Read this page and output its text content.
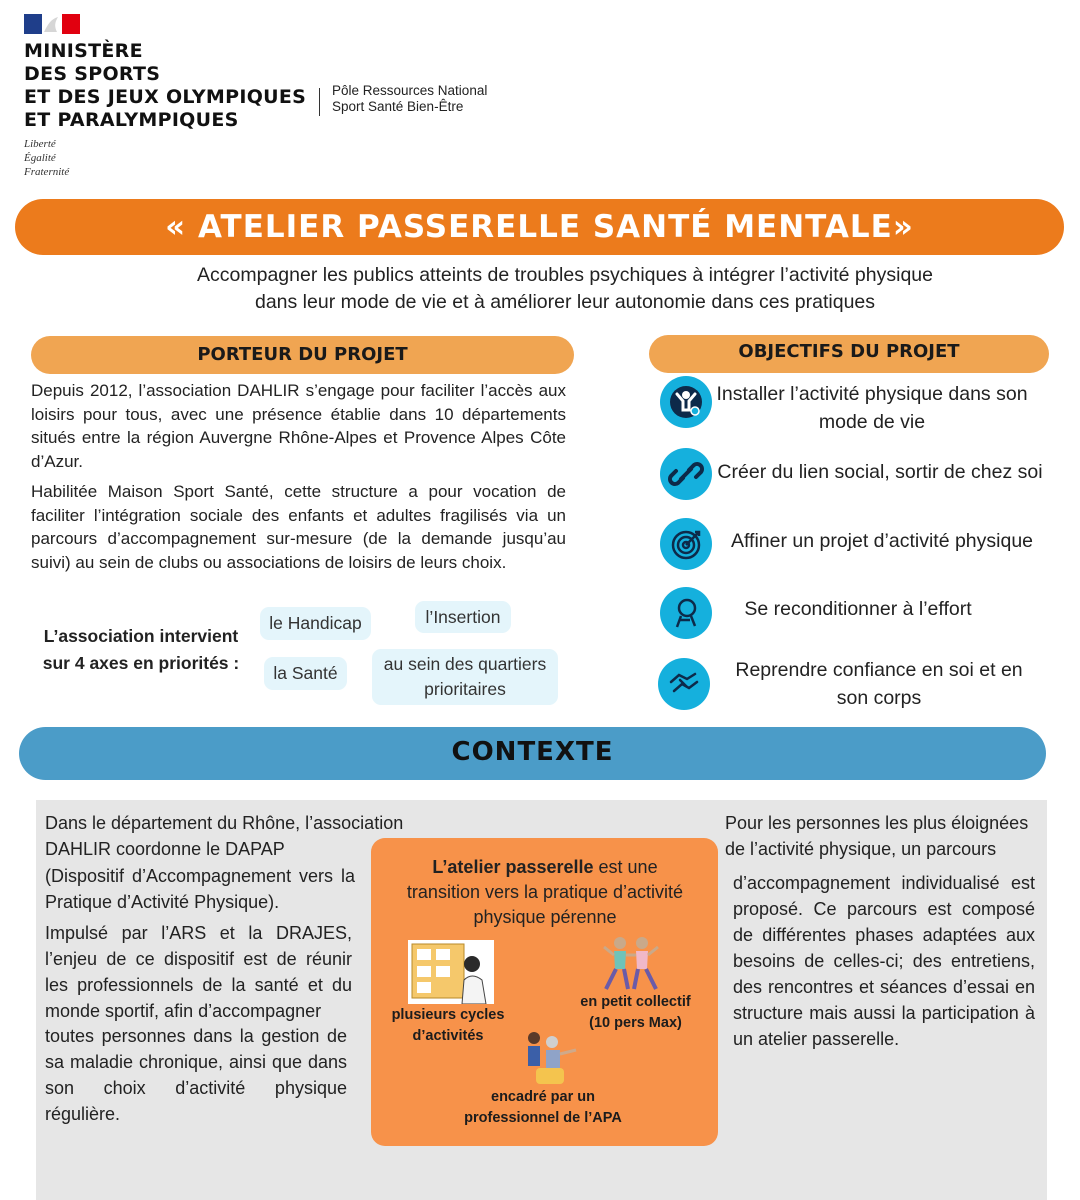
MINISTÈRE
DES SPORTS
ET DES JEUX OLYMPIQUES
ET PARALYMPIQUES
Pôle Ressources National
Sport Santé Bien-Être
Liberté
Égalité
Fraternité
« ATELIER PASSERELLE SANTÉ MENTALE»
Accompagner les publics atteints de troubles psychiques à intégrer l’activité physique
dans leur mode de vie et à améliorer leur autonomie dans ces pratiques
PORTEUR DU PROJET
Depuis 2012, l’association DAHLIR s’engage pour faciliter l’accès aux loisirs pour tous, avec une présence établie dans 10 départements situés entre la région Auvergne Rhône-Alpes et Provence Alpes Côte d’Azur.
Habilitée Maison Sport Santé, cette structure a pour vocation de faciliter l’intégration sociale des enfants et adultes fragilisés via un parcours d’accompagnement sur-mesure (de la demande jusqu’au suivi) au sein de clubs ou associations de loisirs de leurs choix.
L’association intervient
sur 4 axes en priorités :
le Handicap	l’Insertion
la Santé	au sein des quartiers prioritaires
OBJECTIFS DU PROJET
Installer l’activité physique dans son
mode de vie
Créer du lien social, sortir de chez soi
Affiner un projet d’activité physique
Se reconditionner à l’effort
Reprendre confiance en soi et en
son corps
CONTEXTE
Dans le département du Rhône, l’association
DAHLIR coordonne le DAPAP
(Dispositif d’Accompagnement vers la Pratique d’Activité Physique).
Impulsé par l’ARS et la DRAJES, l’enjeu de ce dispositif est de réunir les professionnels de la santé et du monde sportif, afin d’accompagner
toutes personnes dans la gestion de sa maladie chronique, ainsi que dans son choix d’activité physique régulière.
Pour les personnes les plus éloignées
de l’activité physique, un parcours
d’accompagnement individualisé est proposé. Ce parcours est composé de différentes phases adaptées aux besoins de celles-ci; des entretiens, des rencontres et séances d’essai en structure mais aussi la participation à un atelier passerelle.
L’atelier passerelle est une
transition vers la pratique d’activité
physique pérenne
plusieurs cycles
d’activités
en petit collectif
(10 pers Max)
encadré par un
professionnel de l’APA
